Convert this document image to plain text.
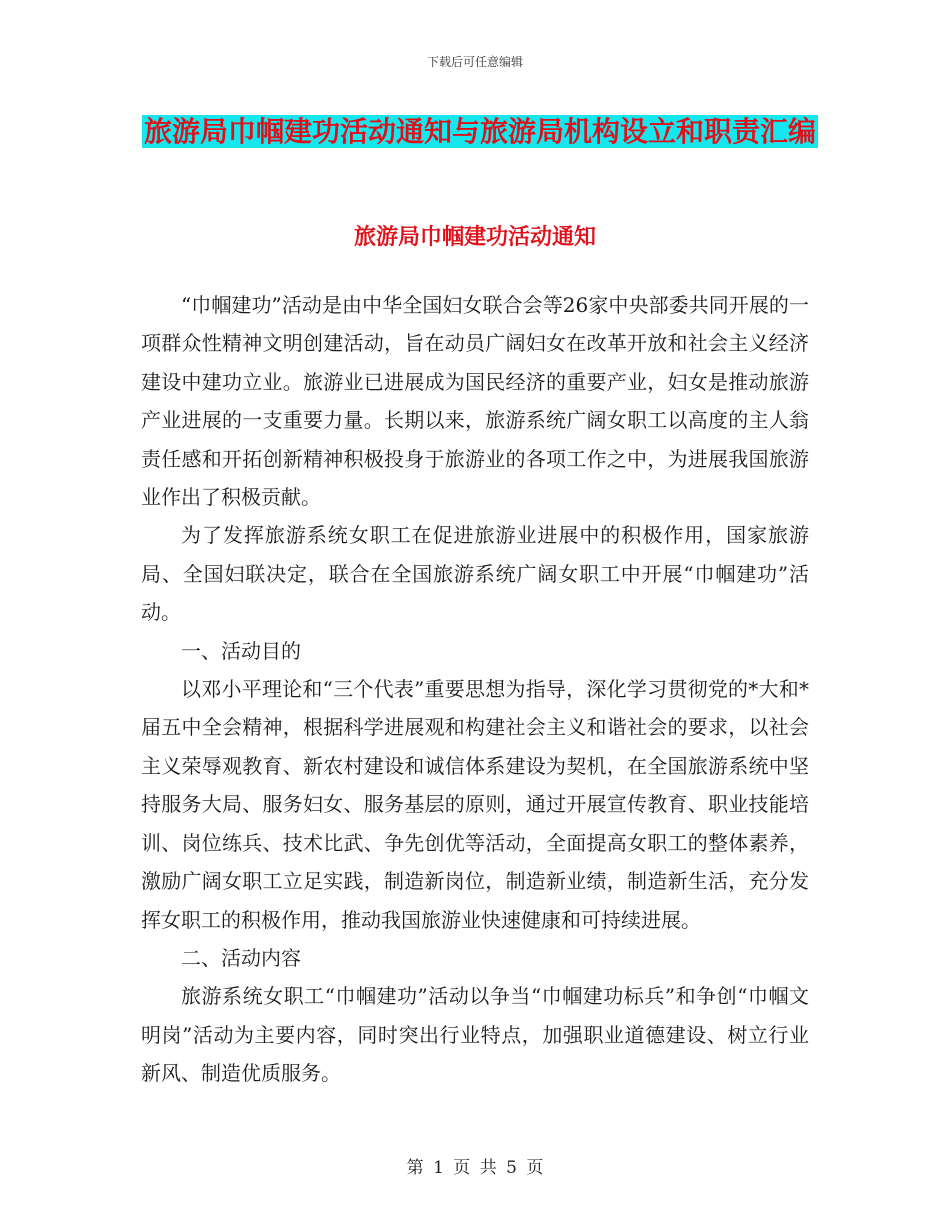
下载后可任意编辑
旅游局巾帼建功活动通知与旅游局机构设立和职责汇编
旅游局巾帼建功活动通知

“巾帼建功”活动是由中华全国妇女联合会等26家中央部委共同开展的一项群众性精神文明创建活动，旨在动员广阔妇女在改革开放和社会主义经济建设中建功立业。旅游业已进展成为国民经济的重要产业，妇女是推动旅游产业进展的一支重要力量。长期以来，旅游系统广阔女职工以高度的主人翁责任感和开拓创新精神积极投身于旅游业的各项工作之中，为进展我国旅游业作出了积极贡献。

为了发挥旅游系统女职工在促进旅游业进展中的积极作用，国家旅游局、全国妇联决定，联合在全国旅游系统广阔女职工中开展“巾帼建功”活动。

一、活动目的

以邓小平理论和“三个代表”重要思想为指导，深化学习贯彻党的*大和*届五中全会精神，根据科学进展观和构建社会主义和谐社会的要求，以社会主义荣辱观教育、新农村建设和诚信体系建设为契机，在全国旅游系统中坚持服务大局、服务妇女、服务基层的原则，通过开展宣传教育、职业技能培训、岗位练兵、技术比武、争先创优等活动，全面提高女职工的整体素养，激励广阔女职工立足实践，制造新岗位，制造新业绩，制造新生活，充分发挥女职工的积极作用，推动我国旅游业快速健康和可持续进展。

二、活动内容

旅游系统女职工“巾帼建功”活动以争当“巾帼建功标兵”和争创“巾帼文明岗”活动为主要内容，同时突出行业特点，加强职业道德建设、树立行业新风、制造优质服务。

第 1 页 共 5 页
